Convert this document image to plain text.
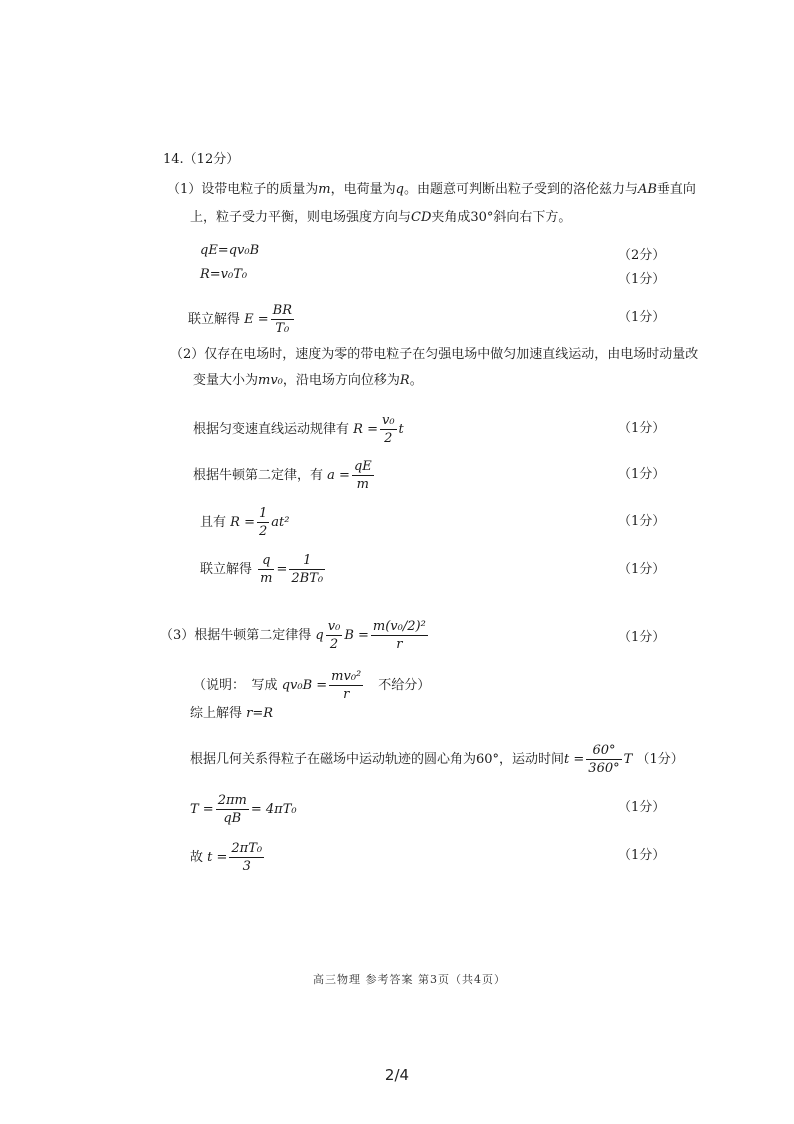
14.（12分）
（1）设带电粒子的质量为m，电荷量为q。由题意可判断出粒子受到的洛伦兹力与AB垂直向
上，粒子受力平衡，则电场强度方向与CD夹角成30°斜向右下方。
qE=qv₀B	（2分）
R=v₀T₀	（1分）
联立解得 $E = \frac{BR}{\text{T₀}}$	（1分）
（2）仅存在电场时，速度为零的带电粒子在匀强电场中做匀加速直线运动，由电场时动量改
变量大小为mv₀，沿电场方向位移为R。
根据匀变速直线运动规律有 $R = \frac{\text{v₀}}{2}$ t	（1分）
根据牛顿第二定律，有 $a = \frac{qE}{m}$	（1分）
且有 $R = \frac{1}{2} at^2$	（1分）
联立解得 $\frac{q}{m} = \frac{1}{\text{2BT₀}}$	（1分）
（3）根据牛顿第二定律得 q $\frac{\text{v₀}}{2}$ $B = \frac{\text{m(v₀/2)²}}{r}$	（1分）
（说明：　 写成 $qv_0B = \frac{\text{mv₀²}}{r}$
　 不给分）
综上解得 r=R
根据几何关系得粒子在磁场中运动轨迹的圆心角为60°，运动时间$t = \frac{60^\circ}{360^\circ}$ T （1分）
$T = \frac{2\pi m}{qB} = 4\pi T_0$	（1分）
故 $t = \frac{\text{2πT₀}}{3}$	（1分）
高三物理 参考答案 第3页（共4页）
2/4
